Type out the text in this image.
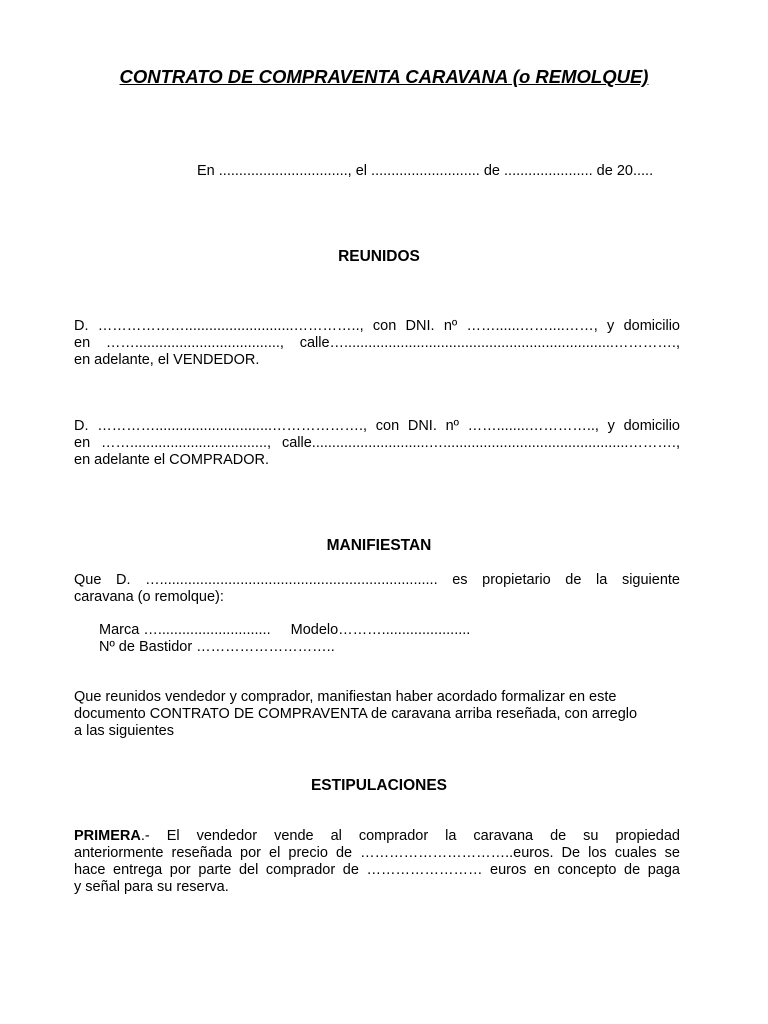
CONTRATO DE COMPRAVENTA CARAVANA (o REMOLQUE)
En ................................, el ........................... de ...................... de 20.....
REUNIDOS
D. ………………...........................………….., con DNI. nº ……......……....……, y domicilio
en ……...................................., calle…...................................................................………….,
en adelante, el VENDEDOR.
D. ………….............................………………., con DNI. nº ……........………….., y domicilio
en …….................................., calle.............................…..............................................……….,
en adelante el COMPRADOR.
MANIFIESTAN
Que D. …..................................................................... es propietario de la siguiente
caravana (o remolque):
Marca …............................ Modelo………......................
Nº de Bastidor ………………………..
Que reunidos vendedor y comprador, manifiestan haber acordado formalizar en este
documento CONTRATO DE COMPRAVENTA de caravana arriba reseñada, con arreglo
a las siguientes
ESTIPULACIONES
PRIMERA.- El vendedor vende al comprador la caravana de su propiedad
anteriormente reseñada por el precio de …………………………..euros. De los cuales se
hace entrega por parte del comprador de …………………… euros en concepto de paga
y señal para su reserva.
